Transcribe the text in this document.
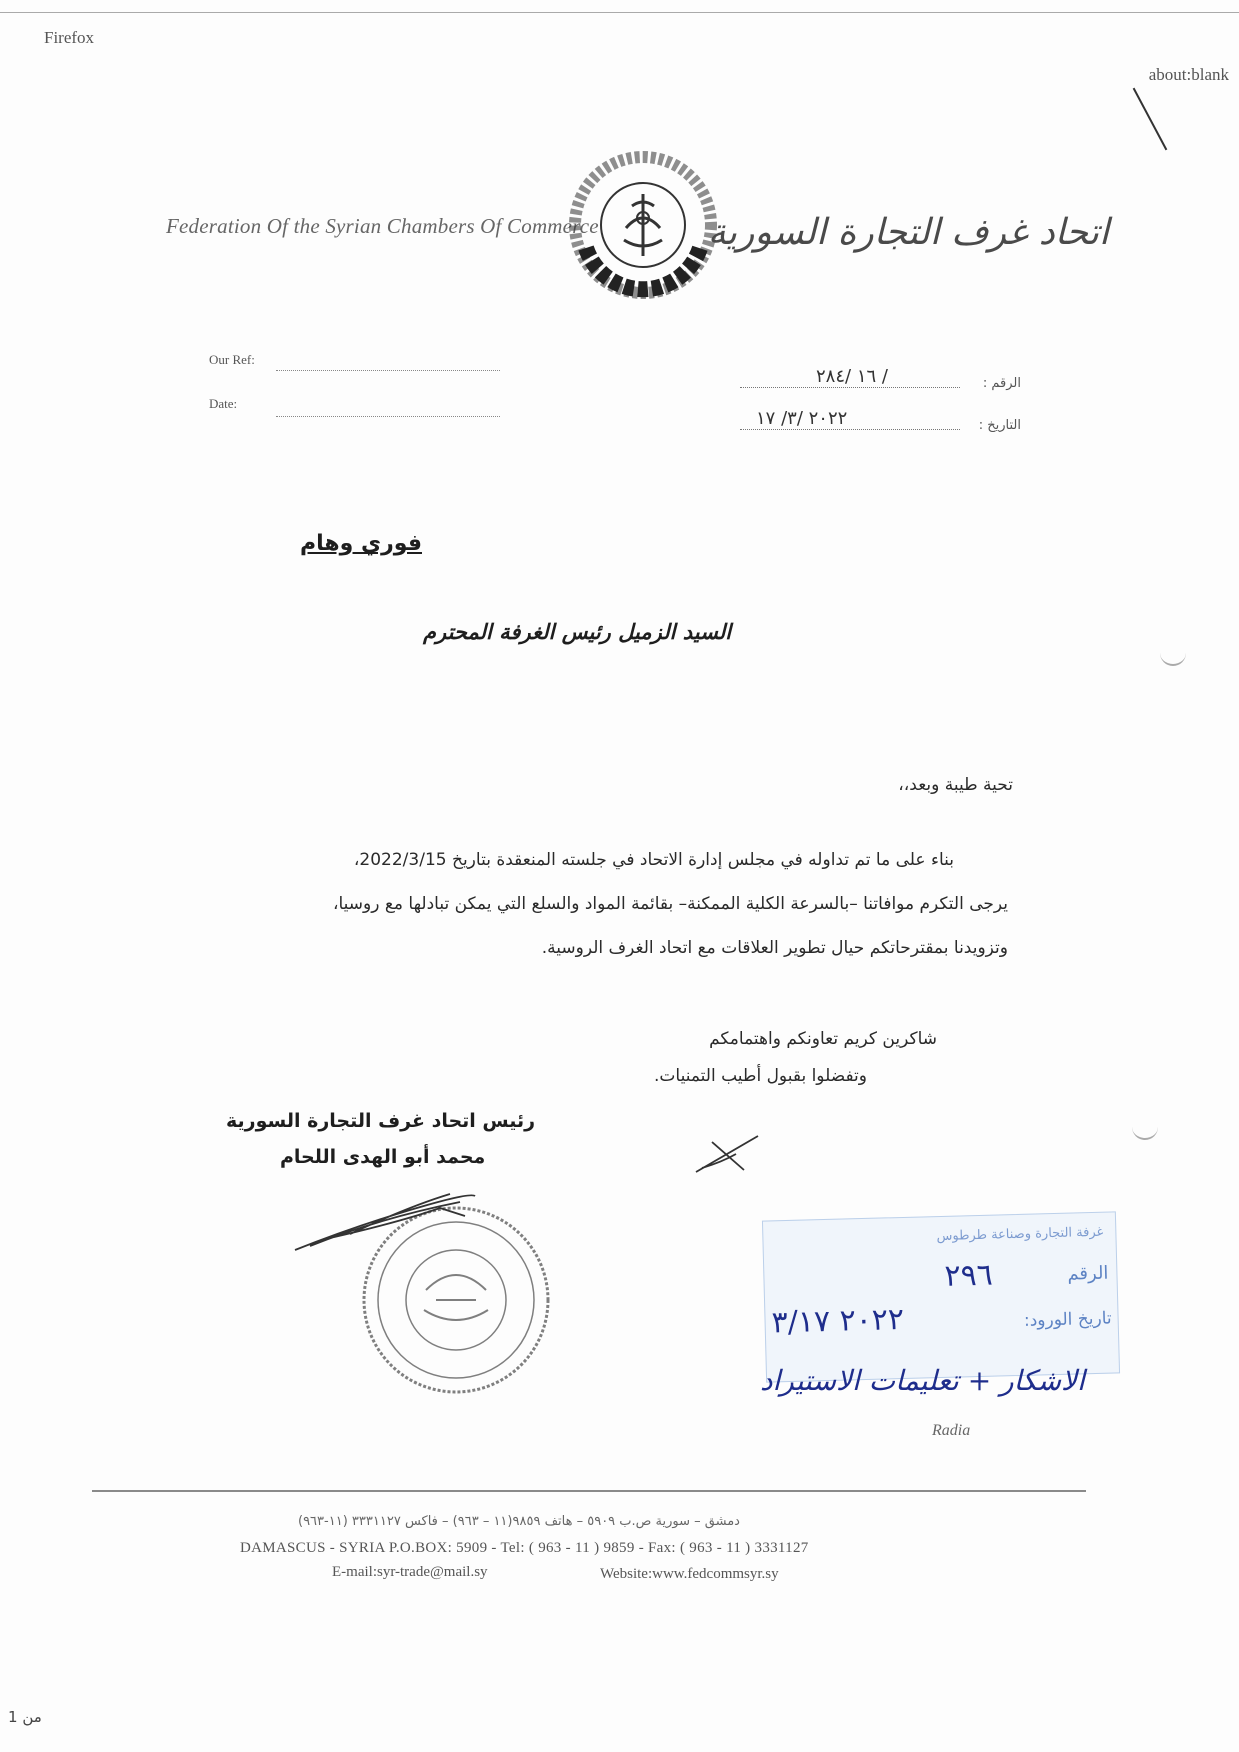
Firefox
about:blank
Federation Of the Syrian Chambers Of Commerce	اتحاد غرف التجارة السورية
Our Ref:
Date:
١٦ /٢٨٤ /	الرقم :
٢٠٢٢ /٣/ ١٧	التاريخ :
فوري وهام
السيد الزميل رئيس الغرفة المحترم
تحية طيبة وبعد،،
بناء على ما تم تداوله في مجلس إدارة الاتحاد في جلسته المنعقدة بتاريخ 2022/3/15،
يرجى التكرم موافاتنا –بالسرعة الكلية الممكنة– بقائمة المواد والسلع التي يمكن تبادلها مع روسيا،
وتزويدنا بمقترحاتكم حيال تطوير العلاقات مع اتحاد الغرف الروسية.
شاكرين كريم تعاونكم واهتمامكم
وتفضلوا بقبول أطيب التمنيات.
رئيس اتحاد غرف التجارة السورية
محمد أبو الهدى اللحام
غرفة التجارة وصناعة طرطوس
الرقم
٢٩٦
تاريخ الورود:
٢٠٢٢ ٣/١٧
الاشكار + تعليمات الاستيراد
Radia
دمشق – سورية ص.ب ٥٩٠٩ – هاتف ٩٨٥٩(١١ – ٩٦٣) – فاكس ٣٣٣١١٢٧ (١١-٩٦٣)
DAMASCUS - SYRIA P.O.BOX: 5909 - Tel: ( 963 - 11 ) 9859 - Fax: ( 963 - 11 ) 3331127
E-mail:syr-trade@mail.sy	Website:www.fedcommsyr.sy
من 1
